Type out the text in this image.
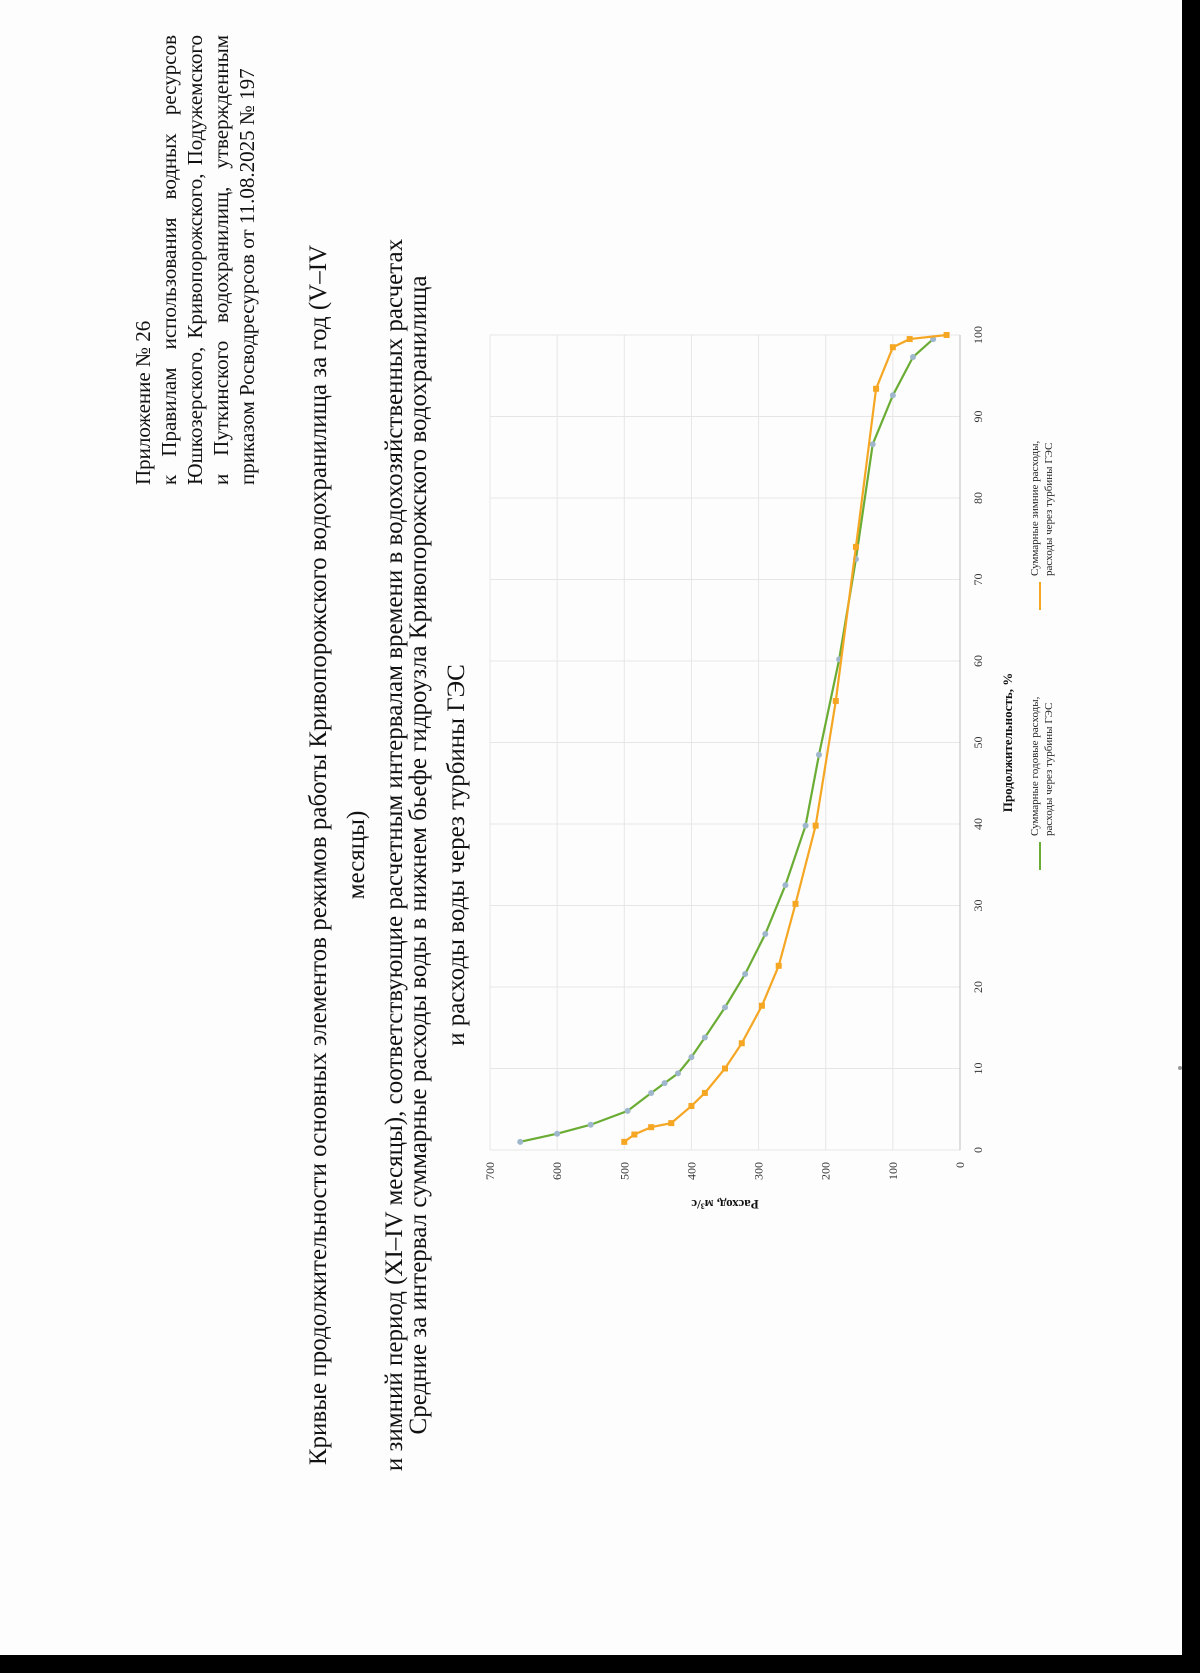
Приложение № 26 к Правилам использования водных ресурсов Юшкозерского, Кривопорожского, Подужемского и Путкинского водохранилищ, утвержденным приказом Росводресурсов от 11.08.2025 № 197 Кривые продолжительности основных элементов режимов работы Кривопорожского водохранилища за год (V–IV месяцы) и зимний период (XI–IV месяцы), соответствующие расчетным интервалам времени в водохозяйственных расчетах
Средние за интервал суммарные расходы воды в нижнем бьефе гидроузла Кривопорожского водохранилища и расходы воды через турбины ГЭС
0
100
200
300
400
500
600
700
0
10
20
30
40
50
60
70
80
90
100
Продолжительность, %
Расход, м³/с
Суммарные годовые расходы, расходы через турбины ГЭС
Суммарные зимние расходы, расходы через турбины ГЭС
